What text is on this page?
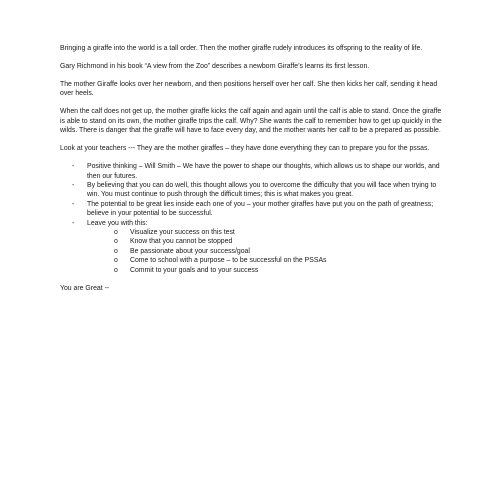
Bringing a giraffe into the world is a tall order. Then the mother giraffe rudely introduces its offspring to the reality of life.

Gary Richmond in his book “A view from the Zoo” describes a newborn Giraffe’s learns its first lesson.

The mother Giraffe looks over her newborn, and then positions herself over her calf. She then kicks her calf, sending it head over heels.

When the calf does not get up, the mother giraffe kicks the calf again and again until the calf is able to stand. Once the giraffe is able to stand on its own, the mother giraffe trips the calf. Why? She wants the calf to remember how to get up quickly in the wilds. There is danger that the giraffe will have to face every day, and the mother wants her calf to be a prepared as possible.

Look at your teachers --- They are the mother giraffes – they have done everything they can to prepare you for the pssas.

- Positive thinking – Will Smith – We have the power to shape our thoughts, which allows us to shape our worlds, and then our futures.
- By believing that you can do well, this thought allows you to overcome the difficulty that you will face when trying to win. You must continue to push through the difficult times; this is what makes you great.
- The potential to be great lies inside each one of you – your mother giraffes have put you on the path of greatness; believe in your potential to be successful.
- Leave you with this:
o Visualize your success on this test
o Know that you cannot be stopped
o Be passionate about your success/goal
o Come to school with a purpose – to be successful on the PSSAs
o Commit to your goals and to your success

You are Great --
